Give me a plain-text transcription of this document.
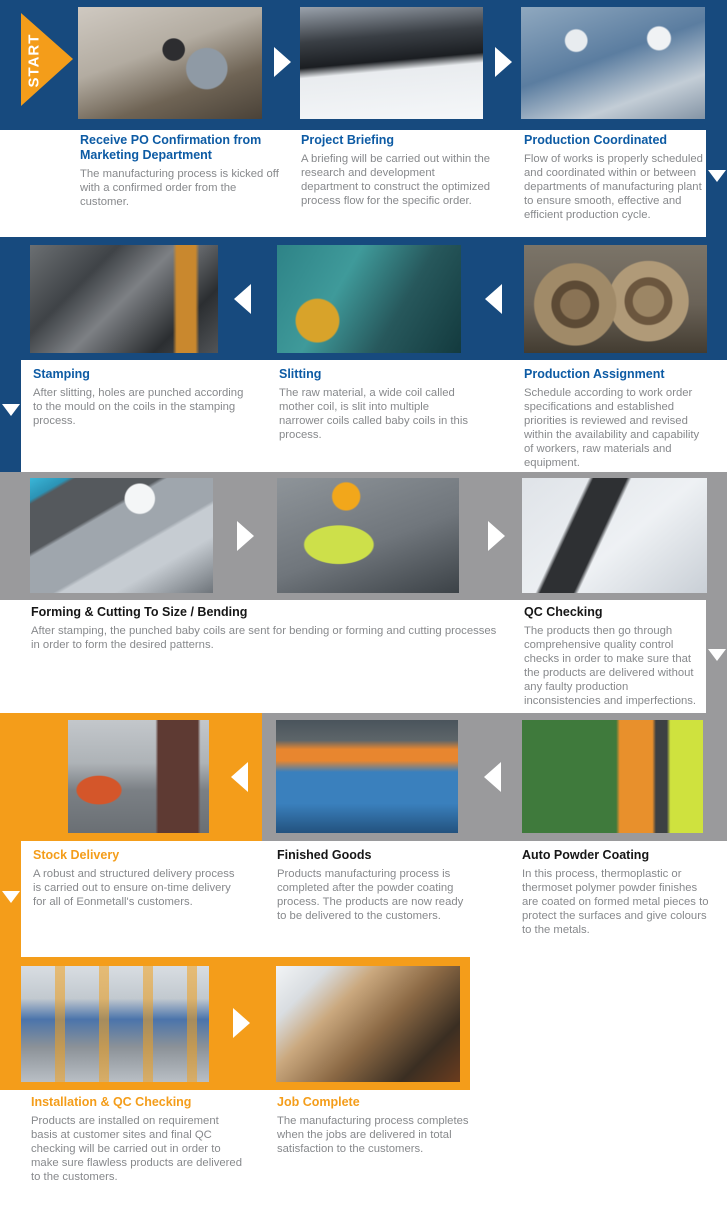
START
Receive PO Confirmation from Marketing Department

The manufacturing process is kicked off with a confirmed order from the customer.

Project Briefing

A briefing will be carried out within the research and development department to construct the optimized process flow for the specific order.

Production Coordinated

Flow of works is properly scheduled and coordinated within or between departments of manufacturing plant to ensure smooth, effective and efficient production cycle.

Stamping

After slitting, holes are punched according to the mould on the coils in the stamping process.

Slitting

The raw material, a wide coil called mother coil, is slit into multiple narrower coils called baby coils in this process.

Production Assignment

Schedule according to work order specifications and established priorities is reviewed and revised within the availability and capability of workers, raw materials and equipment.

Forming & Cutting To Size / Bending

After stamping, the punched baby coils are sent for bending or forming and cutting processes in order to form the desired patterns.

QC Checking

The products then go through comprehensive quality control checks in order to make sure that the products are delivered without any faulty production inconsistencies and imperfections.

Stock Delivery

A robust and structured delivery process is carried out to ensure on-time delivery for all of Eonmetall's customers.

Finished Goods

Products manufacturing process is completed after the powder coating process. The products are now ready to be delivered to the customers.

Auto Powder Coating

In this process, thermoplastic or thermoset polymer powder finishes are coated on formed metal pieces to protect the surfaces and give colours to the metals.

Installation & QC Checking

Products are installed on requirement basis at customer sites and final QC checking will be carried out in order to make sure flawless products are delivered to the customers.

Job Complete

The manufacturing process completes when the jobs are delivered in total satisfaction to the customers.
